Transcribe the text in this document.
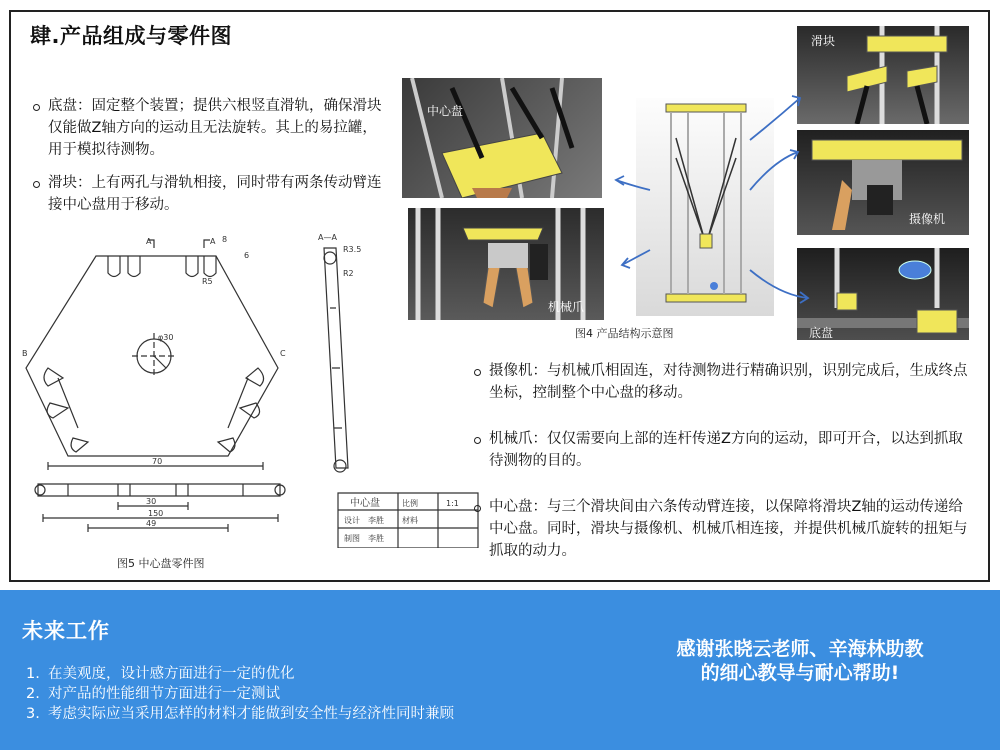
肆.产品组成与零件图
底盘：固定整个装置；提供六根竖直滑轨，确保滑块仅能做Z轴方向的运动且无法旋转。其上的易拉罐，用于模拟待测物。
滑块：上有两孔与滑轨相接，同时带有两条传动臂连接中心盘用于移动。
φ30
70
30
49
150
R5
R3.5
R2
8
6
A	A
B	C
A—A
中心盘	比例	1:1
材料
设计 李胜
制图 李胜
图5 中心盘零件图
中心盘
机械爪
图4 产品结构示意图
滑块
摄像机
底盘
摄像机：与机械爪相固连，对待测物进行精确识别，识别完成后，生成终点坐标，控制整个中心盘的移动。
机械爪：仅仅需要向上部的连杆传递Z方向的运动，即可开合，以达到抓取待测物的目的。
中心盘：与三个滑块间由六条传动臂连接，以保障将滑块Z轴的运动传递给中心盘。同时，滑块与摄像机、机械爪相连接，并提供机械爪旋转的扭矩与抓取的动力。
未来工作
1. 在美观度，设计感方面进行一定的优化
2. 对产品的性能细节方面进行一定测试
3. 考虑实际应当采用怎样的材料才能做到安全性与经济性同时兼顾
感谢张晓云老师、辛海林助教
的细心教导与耐心帮助!
